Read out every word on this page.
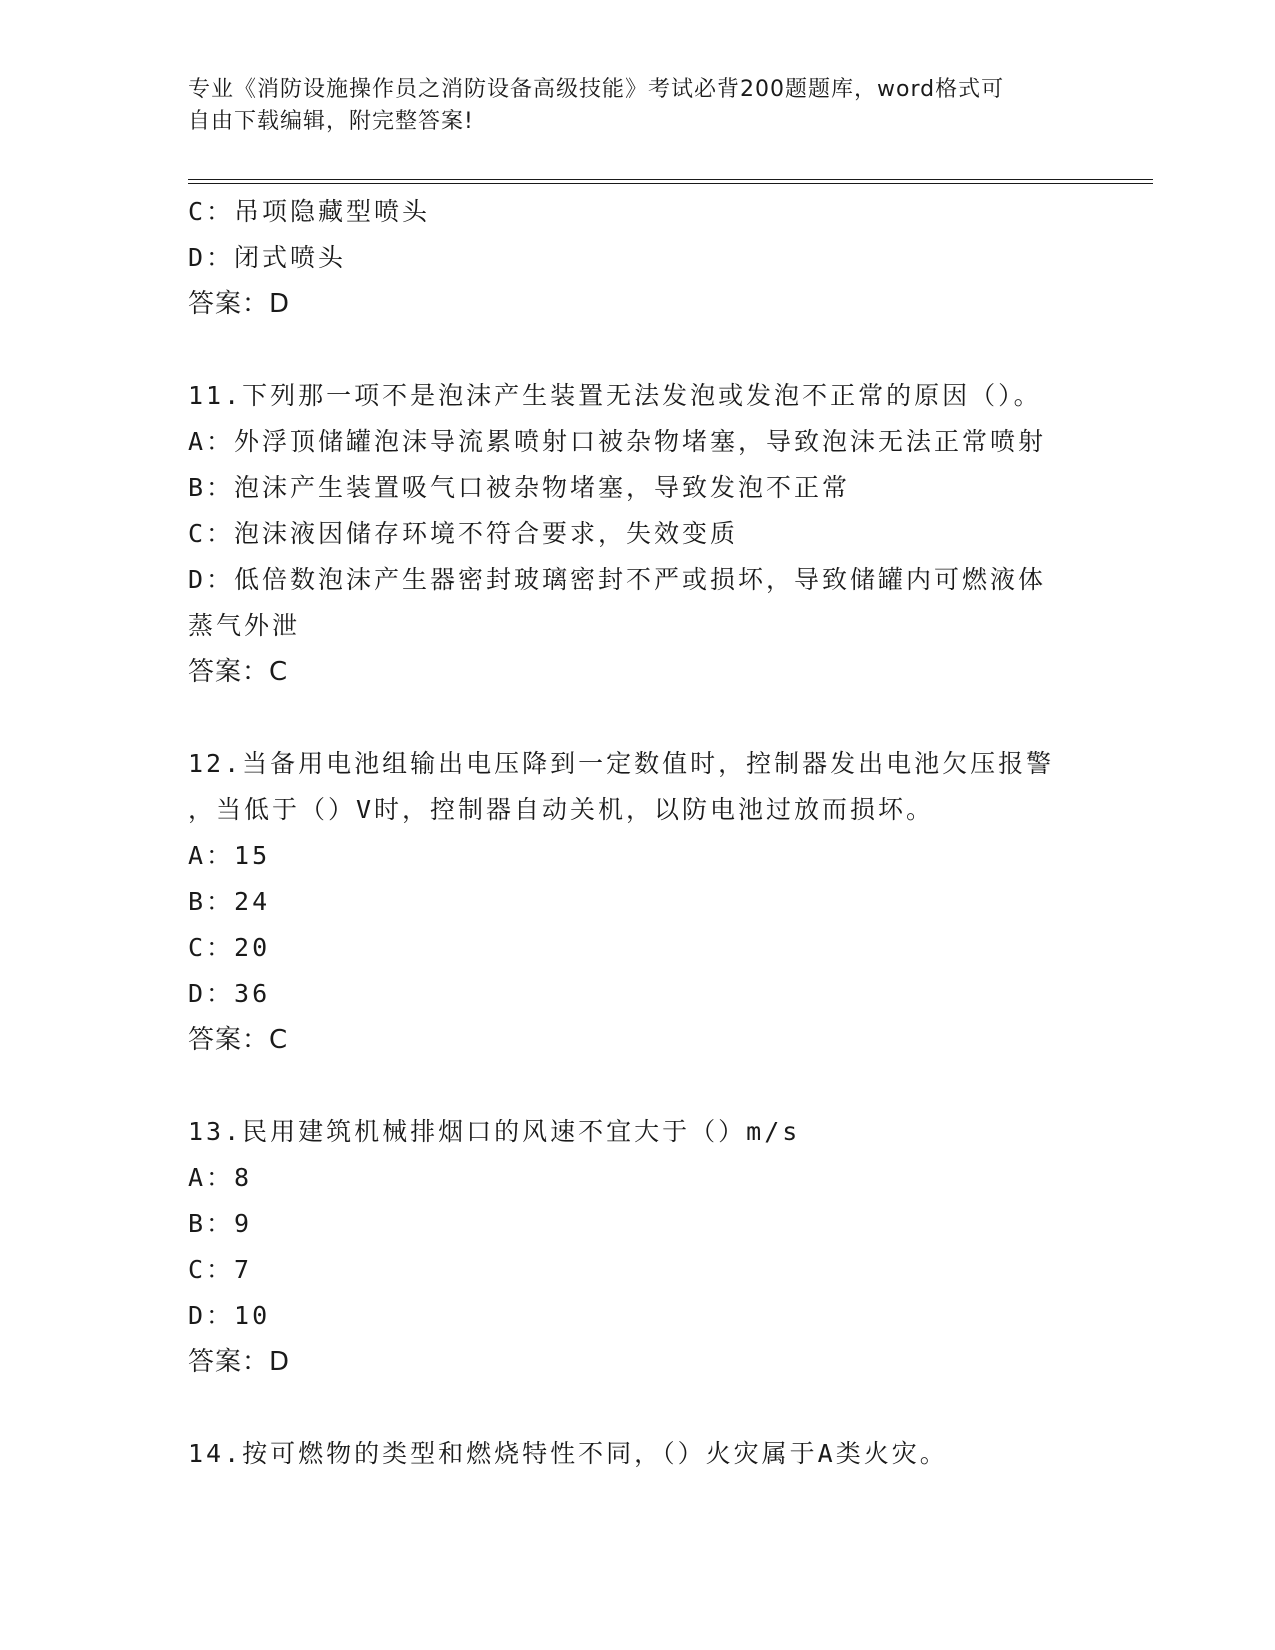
专业《消防设施操作员之消防设备高级技能》考试必背200题题库，word格式可
自由下载编辑，附完整答案!
C：吊项隐藏型喷头
D：闭式喷头
答案：D
11.下列那一项不是泡沫产生装置无法发泡或发泡不正常的原因（）。
A：外浮顶储罐泡沫导流累喷射口被杂物堵塞，导致泡沫无法正常喷射
B：泡沫产生装置吸气口被杂物堵塞，导致发泡不正常
C：泡沫液因储存环境不符合要求，失效变质
D：低倍数泡沫产生器密封玻璃密封不严或损坏，导致储罐内可燃液体
蒸气外泄
答案：C
12.当备用电池组输出电压降到一定数值时，控制器发出电池欠压报警
，当低于（）V时，控制器自动关机，以防电池过放而损坏。
A：15
B：24
C：20
D：36
答案：C
13.民用建筑机械排烟口的风速不宜大于（）m/s
A：8
B：9
C：7
D：10
答案：D
14.按可燃物的类型和燃烧特性不同，（）火灾属于A类火灾。
